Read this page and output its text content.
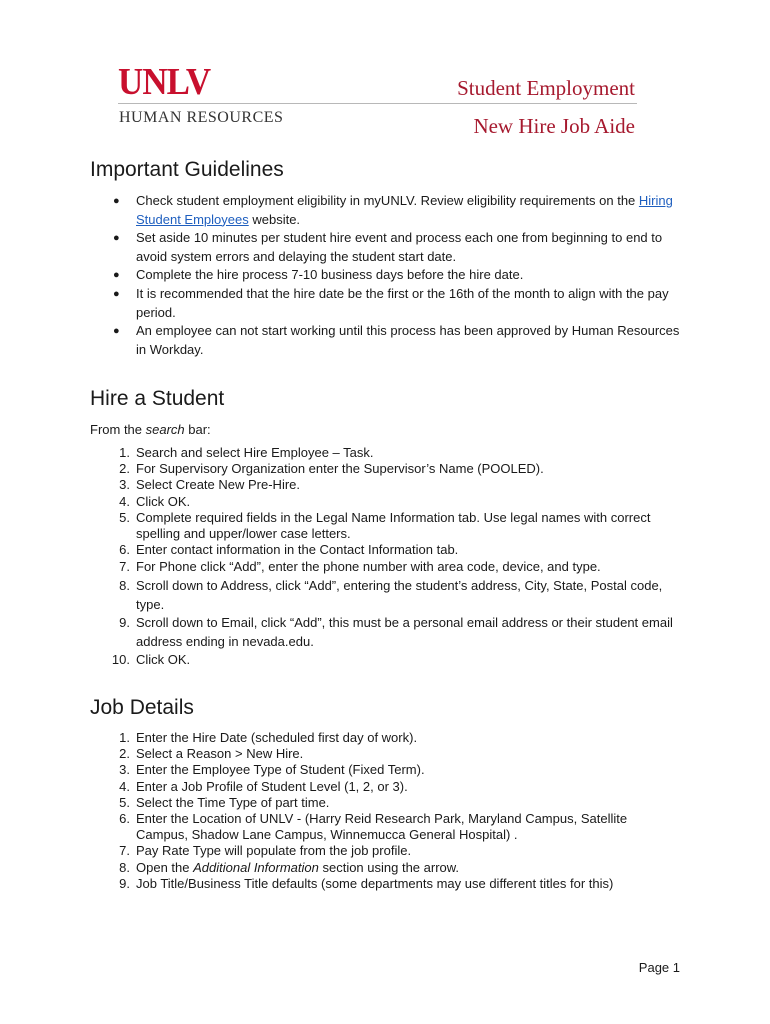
UNLV
HUMAN RESOURCES
Student Employment
New Hire Job Aide
Important Guidelines
● Check student employment eligibility in myUNLV. Review eligibility requirements on the Hiring Student Employees website.
● Set aside 10 minutes per student hire event and process each one from beginning to end to avoid system errors and delaying the student start date.
● Complete the hire process 7-10 business days before the hire date.
● It is recommended that the hire date be the first or the 16th of the month to align with the pay period.
● An employee can not start working until this process has been approved by Human Resources in Workday.
Hire a Student

From the search bar:

1. Search and select Hire Employee – Task.
2. For Supervisory Organization enter the Supervisor’s Name (POOLED).
3. Select Create New Pre-Hire.
4. Click OK.
5. Complete required fields in the Legal Name Information tab. Use legal names with correct spelling and upper/lower case letters.
6. Enter contact information in the Contact Information tab.
7. For Phone click “Add”, enter the phone number with area code, device, and type.
8. Scroll down to Address, click “Add”, entering the student’s address, City, State, Postal code, type.
9. Scroll down to Email, click “Add”, this must be a personal email address or their student email address ending in nevada.edu.
10. Click OK.
Job Details
1. Enter the Hire Date (scheduled first day of work).
2. Select a Reason > New Hire.
3. Enter the Employee Type of Student (Fixed Term).
4. Enter a Job Profile of Student Level (1, 2, or 3).
5. Select the Time Type of part time.
6. Enter the Location of UNLV - (Harry Reid Research Park, Maryland Campus, Satellite Campus, Shadow Lane Campus, Winnemucca General Hospital) .
7. Pay Rate Type will populate from the job profile.
8. Open the Additional Information section using the arrow.
9. Job Title/Business Title defaults (some departments may use different titles for this)
Page 1
